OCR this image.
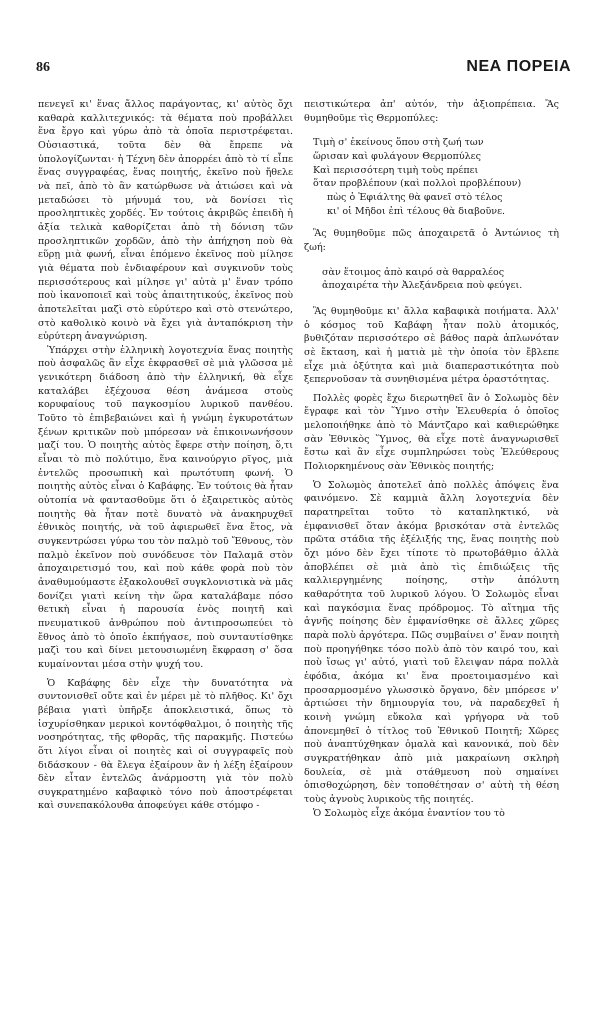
86	ΝΕΑ ΠΟΡΕΙΑ

πενεγεῖ κι' ἕνας ἄλλος παράγοντας, κι' αὐτὸς ὄχι καθαρὰ καλλιτεχνικός: τὰ θέματα ποὺ προβάλλει ἕνα ἔργο καὶ γύρω ἀπὸ τὰ ὁποῖα περιστρέφεται. Οὐσιαστικά, τοῦτα δὲν θὰ ἔπρεπε νὰ ὑπολογίζωνται· ἡ Τέχνη δὲν ἀπορρέει ἀπὸ τὸ τί εἶπε ἕνας συγγραφέας, ἕνας ποιητής, ἐκεῖνο ποὺ ἤθελε νὰ πεῖ, ἀπὸ τὸ ἂν κατώρθωσε νὰ ἀτιώσει καὶ νὰ μεταδώσει τὸ μήνυμά του, νὰ δονίσει τὶς προσληπτικὲς χορδές. Ἐν τούτοις ἀκριβῶς ἐπειδὴ ἡ ἀξία τελικὰ καθορίζεται ἀπὸ τὴ δόνιση τῶν προσληπτικῶν χορδῶν, ἀπὸ τὴν ἀπήχηση ποὺ θὰ εὕρῃ μιὰ φωνή, εἶναι ἑπόμενο ἐκεῖνος ποὺ μίλησε γιὰ θέματα ποὺ ἐνδιαφέρουν καὶ συγκινοῦν τοὺς περισσότερους καὶ μίλησε γι' αὐτὰ μ' ἕναν τρόπο ποὺ ἱκανοποιεῖ καὶ τοὺς ἀπαιτητικούς, ἐκεῖνος ποὺ ἀποτελεῖται μαζὶ στὸ εὐρύτερο καὶ στὸ στενώτερο, στὸ καθολικὸ κοινὸ νὰ ἔχει γιὰ ἀνταπόκριση τὴν εὐρύτερη ἀναγνώριση.

Ὑπάρχει στὴν ἑλληνικὴ λογοτεχνία ἕνας ποιητὴς ποὺ ἀσφαλῶς ἂν εἶχε ἐκφρασθεῖ σὲ μιὰ γλῶσσα μὲ γενικότερη διάδοση ἀπὸ τὴν ἑλληνική, θὰ εἶχε καταλάβει ἐξέχουσα θέση ἀνάμεσα στοὺς κορυφαίους τοῦ παγκοσμίου λυρικοῦ πανθέου. Τοῦτο τὸ ἐπιβεβαιώνει καὶ ἡ γνώμη ἐγκυροτάτων ξένων κριτικῶν ποὺ μπόρεσαν νὰ ἐπικοινωνήσουν μαζί του. Ὁ ποιητὴς αὐτὸς ἔφερε στὴν ποίηση, ὅ,τι εἶναι τὸ πιὸ πολύτιμο, ἕνα καινούργιο ρῖγος, μιὰ ἐντελῶς προσωπικὴ καὶ πρωτότυπη φωνή. Ὁ ποιητὴς αὐτὸς εἶναι ὁ Καβάφης. Ἐν τούτοις θὰ ἦταν οὐτοπία νὰ φαντασθοῦμε ὅτι ὁ ἐξαιρετικὸς αὐτὸς ποιητὴς θὰ ἦταν ποτὲ δυνατὸ νὰ ἀνακηρυχθεῖ ἐθνικὸς ποιητής, νὰ τοῦ ἀφιερωθεῖ ἕνα ἔτος, νὰ συγκεντρώσει γύρω του τὸν παλμὸ τοῦ Ἔθνους, τὸν παλμὸ ἐκεῖνον ποὺ συνόδευσε τὸν Παλαμᾶ στὸν ἀποχαιρετισμό του, καὶ ποὺ κάθε φορὰ ποὺ τὸν ἀναθυμούμαστε ἐξακολουθεῖ συγκλονιστικὰ νὰ μᾶς δονίζει γιατὶ κείνη τὴν ὥρα καταλάβαμε πόσο θετικὴ εἶναι ἡ παρουσία ἑνὸς ποιητῆ καὶ πνευματικοῦ ἀνθρώπου ποὺ ἀντιπροσωπεύει τὸ ἔθνος ἀπὸ τὸ ὁποῖο ἐκπήγασε, ποὺ συνταυτίσθηκε μαζὶ του καὶ δίνει μετουσιωμένη ἔκφραση σ' ὅσα κυμαίνονται μέσα στὴν ψυχή του.

Ὁ Καβάφης δὲν εἶχε τὴν δυνατότητα νὰ συντονισθεῖ οὔτε καὶ ἐν μέρει μὲ τὸ πλῆθος. Κι' ὄχι βέβαια γιατὶ ὑπῆρξε ἀποκλειστικά, ὅπως τὸ ἰσχυρίσθηκαν μερικοὶ κοντόφθαλμοι, ὁ ποιητὴς τῆς νοσηρότητας, τῆς φθορᾶς, τῆς παρακμῆς. Πιστεύω ὅτι λίγοι εἶναι οἱ ποιητὲς καὶ οἱ συγγραφεῖς ποὺ διδάσκουν - θὰ ἔλεγα ἐξαίρουν ἂν ἡ λέξη ἐξαίρουν δὲν εἶταν ἐντελῶς ἀνάρμοστη γιὰ τὸν πολὺ συγκρατημένο καβαφικὸ τόνο ποὺ ἀποστρέφεται καὶ συνεπακόλουθα ἀποφεύγει κάθε στόμφο -

πειστικώτερα ἀπ' αὐτόν, τὴν ἀξιοπρέπεια. Ἂς θυμηθοῦμε τὶς Θερμοπύλες:

Τιμὴ σ' ἐκείνους ὅπου στὴ ζωή των
ὥρισαν καὶ φυλάγουν Θερμοπύλες
Καὶ περισσότερη τιμὴ τοὺς πρέπει
ὅταν προβλέπουν (καὶ πολλοὶ προβλέπουν)
πὼς ὁ Ἐφιάλτης θὰ φανεῖ στὸ τέλος
κι' οἱ Μῆδοι ἐπὶ τέλους θὰ διαβοῦνε.

Ἂς θυμηθοῦμε πῶς ἀποχαιρετᾶ ὁ Ἀντώνιος τὴ ζωή:

σὰν ἕτοιμος ἀπὸ καιρό σὰ θαρραλέος
ἀποχαιρέτα τὴν Ἀλεξάνδρεια ποὺ φεύγει.

Ἂς θυμηθοῦμε κι' ἄλλα καβαφικὰ ποιήματα. Ἀλλ' ὁ κόσμος τοῦ Καβάφη ἦταν πολὺ ἀτομικός, βυθιζόταν περισσότερο σὲ βάθος παρὰ ἁπλωνόταν σὲ ἔκταση, καὶ ἡ ματιὰ μὲ τὴν ὁποία τὸν ἔβλεπε εἶχε μιὰ ὀξύτητα καὶ μιὰ διαπεραστικότητα ποὺ ξεπερνοῦσαν τὰ συνηθισμένα μέτρα ὁραστότητας.

Πολλὲς φορὲς ἔχω διερωτηθεῖ ἂν ὁ Σολωμὸς δὲν ἔγραφε καὶ τὸν Ὕμνο στὴν Ἐλευθερία ὁ ὁποῖος μελοποιήθηκε ἀπὸ τὸ Μάντζαρο καὶ καθιερώθηκε σὰν Ἐθνικὸς Ὕμνος, θὰ εἶχε ποτὲ ἀναγνωρισθεῖ ἔστω καὶ ἂν εἶχε συμπληρώσει τοὺς Ἐλεύθερους Πολιορκημένους σὰν Ἐθνικὸς ποιητής;

Ὁ Σολωμὸς ἀποτελεῖ ἀπὸ πολλὲς ἀπόψεις ἕνα φαινόμενο. Σὲ καμμιὰ ἄλλη λογοτεχνία δὲν παρατηρεῖται τοῦτο τὸ καταπληκτικό, νὰ ἐμφανισθεῖ ὅταν ἀκόμα βρισκόταν στὰ ἐντελῶς πρῶτα στάδια τῆς ἐξέλιξής της, ἕνας ποιητὴς ποὺ ὄχι μόνο δὲν ἔχει τίποτε τὸ πρωτοβάθμιο ἀλλὰ ἀποβλέπει σὲ μιὰ ἀπὸ τὶς ἐπιδιώξεις τῆς καλλιεργημένης ποίησης, στὴν ἀπόλυτη καθαρότητα τοῦ λυρικοῦ λόγου. Ὁ Σολωμὸς εἶναι καὶ παγκόσμια ἕνας πρόδρομος. Τὸ αἴτημα τῆς ἁγνῆς ποίησης δὲν ἐμφανίσθηκε σὲ ἄλλες χῶρες παρὰ πολὺ ἀργότερα. Πῶς συμβαίνει σ' ἕναν ποιητὴ ποὺ προηγήθηκε τόσο πολὺ ἀπὸ τὸν καιρό του, καὶ ποὺ ἴσως γι' αὐτό, γιατὶ τοῦ ἔλειψαν πάρα πολλὰ ἐφόδια, ἀκόμα κι' ἕνα προετοιμασμένο καὶ προσαρμοσμένο γλωσσικὸ ὄργανο, δὲν μπόρεσε ν' ἀρτιώσει τὴν δημιουργία του, νὰ παραδεχθεῖ ἡ κοινὴ γνώμη εὔκολα καὶ γρήγορα νὰ τοῦ ἀπονεμηθεῖ ὁ τίτλος τοῦ Ἐθνικοῦ Ποιητῆ; Χῶρες ποὺ ἀναπτύχθηκαν ὁμαλὰ καὶ κανονικά, ποὺ δὲν συγκρατήθηκαν ἀπὸ μιὰ μακραίωνη σκληρὴ δουλεία, σὲ μιὰ στάθμευση ποὺ σημαίνει ὀπισθοχώρηση, δὲν τοποθέτησαν σ' αὐτὴ τὴ θέση τοὺς ἁγνοὺς λυρικοὺς τῆς ποιητές.

Ὁ Σολωμὸς εἶχε ἀκόμα ἐναντίον του τὸ
